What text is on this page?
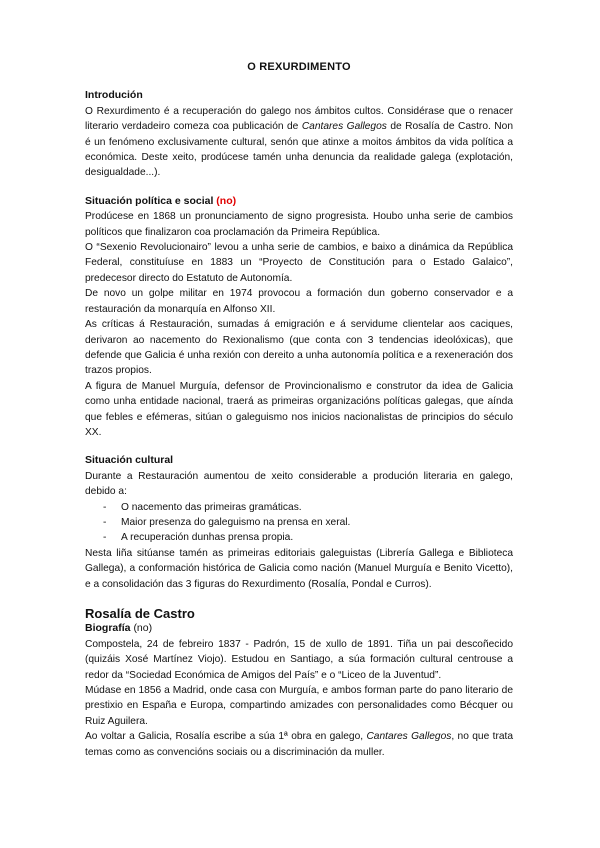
O REXURDIMENTO
Introdución

O Rexurdimento é a recuperación do galego nos ámbitos cultos. Considérase que o renacer literario verdadeiro comeza coa publicación de Cantares Gallegos de Rosalía de Castro. Non é un fenómeno exclusivamente cultural, senón que atinxe a moitos ámbitos da vida política a económica. Deste xeito, prodúcese tamén unha denuncia da realidade galega (explotación, desigualdade...).

Situación política e social (no)

Prodúcese en 1868 un pronunciamento de signo progresista. Houbo unha serie de cambios políticos que finalizaron coa proclamación da Primeira República.

O “Sexenio Revolucionairo” levou a unha serie de cambios, e baixo a dinámica da República Federal, constituíuse en 1883 un “Proyecto de Constitución para o Estado Galaico”, predecesor directo do Estatuto de Autonomía.

De novo un golpe militar en 1974 provocou a formación dun goberno conservador e a restauración da monarquía en Alfonso XII.

As críticas á Restauración, sumadas á emigración e á servidume clientelar aos caciques, derivaron ao nacemento do Rexionalismo (que conta con 3 tendencias ideolóxicas), que defende que Galicia é unha rexión con dereito a unha autonomía política e a rexeneración dos trazos propios.

A figura de Manuel Murguía, defensor de Provincionalismo e construtor da idea de Galicia como unha entidade nacional, traerá as primeiras organizacións políticas galegas, que aínda que febles e efémeras, sitúan o galeguismo nos inicios nacionalistas de principios do século XX.

Situación cultural

Durante a Restauración aumentou de xeito considerable a produción literaria en galego, debido a:

- O nacemento das primeiras gramáticas.
- Maior presenza do galeguismo na prensa en xeral.
- A recuperación dunhas prensa propia.

Nesta liña sitúanse tamén as primeiras editoriais galeguistas (Librería Gallega e Biblioteca Gallega), a conformación histórica de Galicia como nación (Manuel Murguía e Benito Vicetto), e a consolidación das 3 figuras do Rexurdimento (Rosalía, Pondal e Curros).

Rosalía de Castro
Biografía (no)

Compostela, 24 de febreiro 1837 - Padrón, 15 de xullo de 1891. Tiña un pai descoñecido (quizáis Xosé Martínez Viojo). Estudou en Santiago, a súa formación cultural centrouse a redor da “Sociedad Económica de Amigos del País” e o “Liceo de la Juventud”.

Múdase en 1856 a Madrid, onde casa con Murguía, e ambos forman parte do pano literario de prestixio en España e Europa, compartindo amizades con personalidades como Bécquer ou Ruiz Aguilera.

Ao voltar a Galicia, Rosalía escribe a súa 1ª obra en galego, Cantares Gallegos, no que trata temas como as convencións sociais ou a discriminación da muller.
